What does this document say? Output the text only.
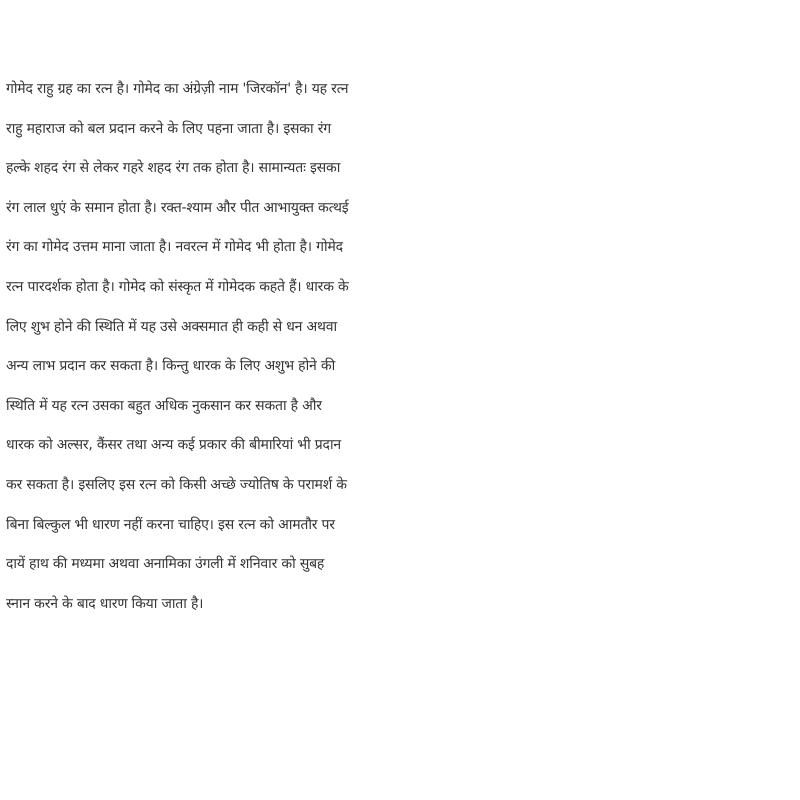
गोमेद राहु ग्रह का रत्न है। गोमेद का अंग्रेज़ी नाम 'जिरकॉन' है। यह रत्न
राहु महाराज को बल प्रदान करने के लिए पहना जाता है। इसका रंग
हल्के शहद रंग से लेकर गहरे शहद रंग तक होता है। सामान्यतः इसका
रंग लाल धुएं के समान होता है। रक्त-श्याम और पीत आभायुक्त कत्थई
रंग का गोमेद उत्तम माना जाता है। नवरत्न में गोमेद भी होता है। गोमेद
रत्न पारदर्शक होता है। गोमेद को संस्कृत में गोमेदक कहते हैं। धारक के
लिए शुभ होने की स्थिति में यह उसे अक्समात ही कही से धन अथवा
अन्य लाभ प्रदान कर सकता है। किन्तु धारक के लिए अशुभ होने की
स्थिति में यह रत्न उसका बहुत अधिक नुकसान कर सकता है और
धारक को अल्सर, कैंसर तथा अन्य कई प्रकार की बीमारियां भी प्रदान
कर सकता है। इसलिए इस रत्न को किसी अच्छे ज्योतिष के परामर्श के
बिना बिल्कुल भी धारण नहीं करना चाहिए। इस रत्न को आमतौर पर
दायें हाथ की मध्यमा अथवा अनामिका उंगली में शनिवार को सुबह
स्नान करने के बाद धारण किया जाता है।
